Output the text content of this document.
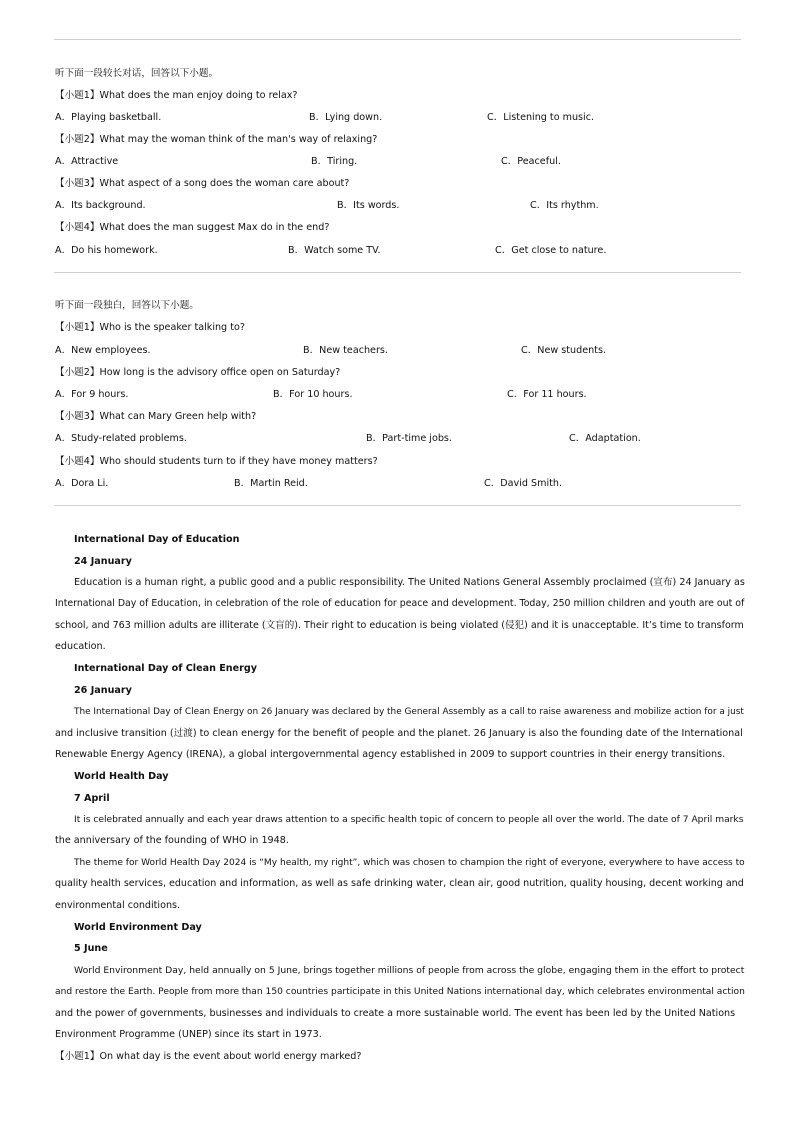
听下面一段较长对话，回答以下小题。
【小题1】What does the man enjoy doing to relax?
A．Playing basketball.	B．Lying down.	C．Listening to music.
【小题2】What may the woman think of the man's way of relaxing?
A．Attractive	B．Tiring.	C．Peaceful.
【小题3】What aspect of a song does the woman care about?
A．Its background.	B．Its words.	C．Its rhythm.
【小题4】What does the man suggest Max do in the end?
A．Do his homework.	B．Watch some TV.	C．Get close to nature.
听下面一段独白，回答以下小题。
【小题1】Who is the speaker talking to?
A．New employees.	B．New teachers.	C．New students.
【小题2】How long is the advisory office open on Saturday?
A．For 9 hours.	B．For 10 hours.	C．For 11 hours.
【小题3】What can Mary Green help with?
A．Study-related problems.	B．Part-time jobs.	C．Adaptation.
【小题4】Who should students turn to if they have money matters?
A．Dora Li.	B．Martin Reid.	C．David Smith.
International Day of Education
24 January
Education is a human right, a public good and a public responsibility. The United Nations General Assembly proclaimed (宣布) 24 January as
International Day of Education, in celebration of the role of education for peace and development. Today, 250 million children and youth are out of
school, and 763 million adults are illiterate (文盲的). Their right to education is being violated (侵犯) and it is unacceptable. It’s time to transform
education.
International Day of Clean Energy
26 January
The International Day of Clean Energy on 26 January was declared by the General Assembly as a call to raise awareness and mobilize action for a just
and inclusive transition (过渡) to clean energy for the benefit of people and the planet. 26 January is also the founding date of the International
Renewable Energy Agency (IRENA), a global intergovernmental agency established in 2009 to support countries in their energy transitions.
World Health Day
7 April
It is celebrated annually and each year draws attention to a specific health topic of concern to people all over the world. The date of 7 April marks
the anniversary of the founding of WHO in 1948.
The theme for World Health Day 2024 is “My health, my right”, which was chosen to champion the right of everyone, everywhere to have access to
quality health services, education and information, as well as safe drinking water, clean air, good nutrition, quality housing, decent working and
environmental conditions.
World Environment Day
5 June
World Environment Day, held annually on 5 June, brings together millions of people from across the globe, engaging them in the effort to protect
and restore the Earth. People from more than 150 countries participate in this United Nations international day, which celebrates environmental action
and the power of governments, businesses and individuals to create a more sustainable world. The event has been led by the United Nations
Environment Programme (UNEP) since its start in 1973.
【小题1】On what day is the event about world energy marked?
